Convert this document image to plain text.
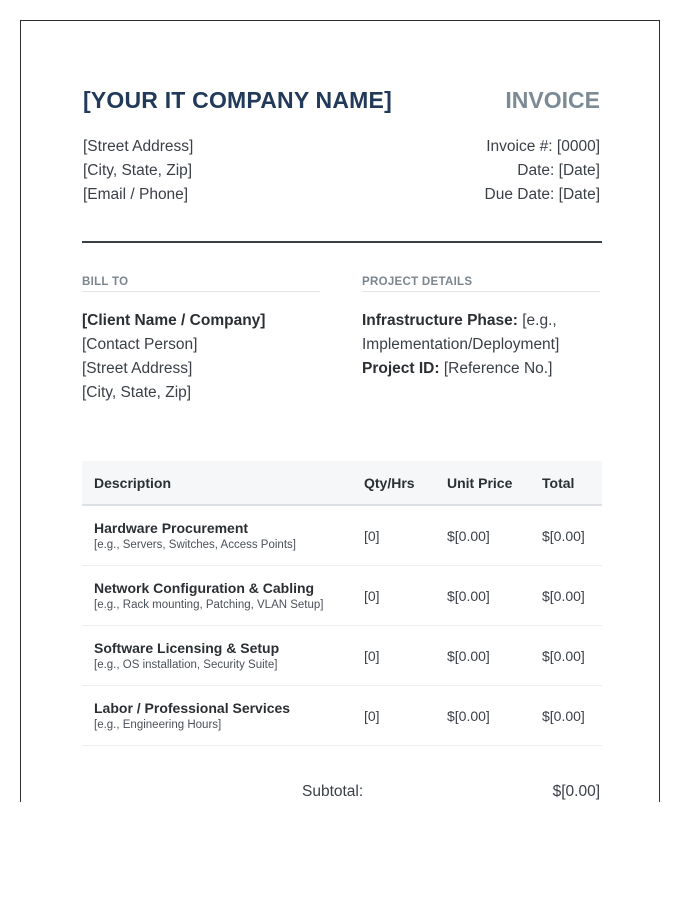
[YOUR IT COMPANY NAME]	INVOICE
[Street Address]
[City, State, Zip]
[Email / Phone]
Invoice #: [0000]
Date: [Date]
Due Date: [Date]
BILL TO	PROJECT DETAILS
[Client Name / Company]
[Contact Person]
[Street Address]
[City, State, Zip]
Infrastructure Phase: [e.g., Implementation/Deployment]
Project ID: [Reference No.]
Description	Qty/Hrs	Unit Price	Total

Hardware Procurement
[e.g., Servers, Switches, Access Points]	[0]	$[0.00]	$[0.00]

Network Configuration & Cabling
[e.g., Rack mounting, Patching, VLAN Setup]	[0]	$[0.00]	$[0.00]

Software Licensing & Setup
[e.g., OS installation, Security Suite]	[0]	$[0.00]	$[0.00]

Labor / Professional Services
[e.g., Engineering Hours]	[0]	$[0.00]	$[0.00]
Subtotal:	$[0.00]
